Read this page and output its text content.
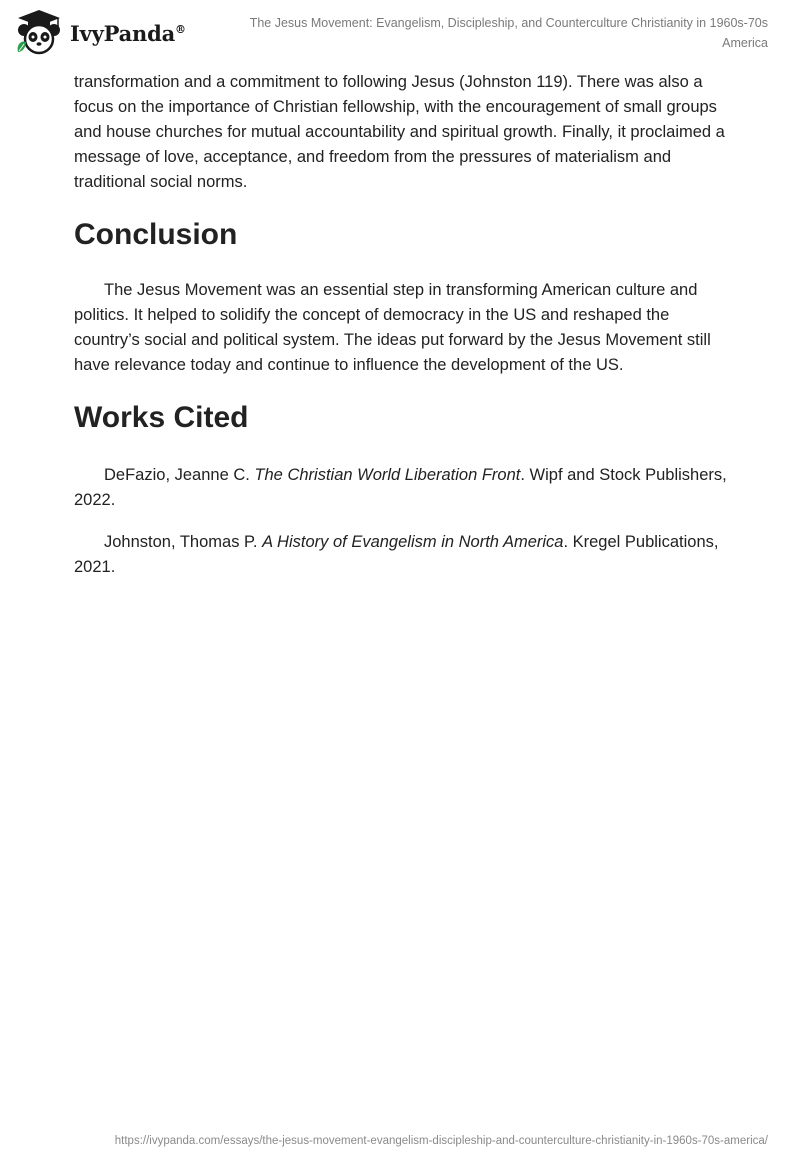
IvyPanda®	The Jesus Movement: Evangelism, Discipleship, and Counterculture Christianity in 1960s-70s America

transformation and a commitment to following Jesus (Johnston 119). There was also a focus on the importance of Christian fellowship, with the encouragement of small groups and house churches for mutual accountability and spiritual growth. Finally, it proclaimed a message of love, acceptance, and freedom from the pressures of materialism and traditional social norms.

Conclusion

The Jesus Movement was an essential step in transforming American culture and politics. It helped to solidify the concept of democracy in the US and reshaped the country’s social and political system. The ideas put forward by the Jesus Movement still have relevance today and continue to influence the development of the US.

Works Cited

DeFazio, Jeanne C. The Christian World Liberation Front. Wipf and Stock Publishers, 2022.

Johnston, Thomas P. A History of Evangelism in North America. Kregel Publications, 2021.

https://ivypanda.com/essays/the-jesus-movement-evangelism-discipleship-and-counterculture-christianity-in-1960s-70s-america/
